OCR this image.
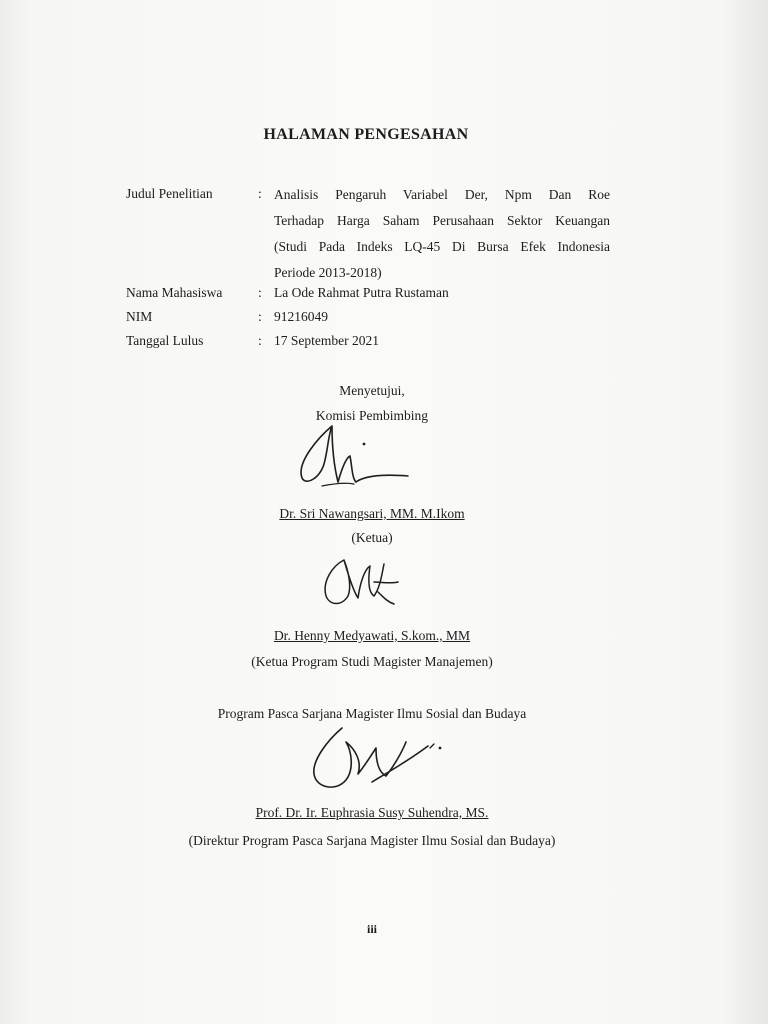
HALAMAN PENGESAHAN
Judul Penelitian	: Analisis Pengaruh Variabel Der, Npm Dan Roe
Terhadap Harga Saham Perusahaan Sektor Keuangan
(Studi Pada Indeks LQ-45 Di Bursa Efek Indonesia
Periode 2013-2018)
Nama Mahasiswa	: La Ode Rahmat Putra Rustaman
NIM	: 91216049
Tanggal Lulus	: 17 September 2021
Menyetujui,
Komisi Pembimbing
Dr. Sri Nawangsari, MM. M.Ikom
(Ketua)
Dr. Henny Medyawati, S.kom., MM
(Ketua Program Studi Magister Manajemen)
Program Pasca Sarjana Magister Ilmu Sosial dan Budaya
Prof. Dr. Ir. Euphrasia Susy Suhendra, MS.
(Direktur Program Pasca Sarjana Magister Ilmu Sosial dan Budaya)
iii
